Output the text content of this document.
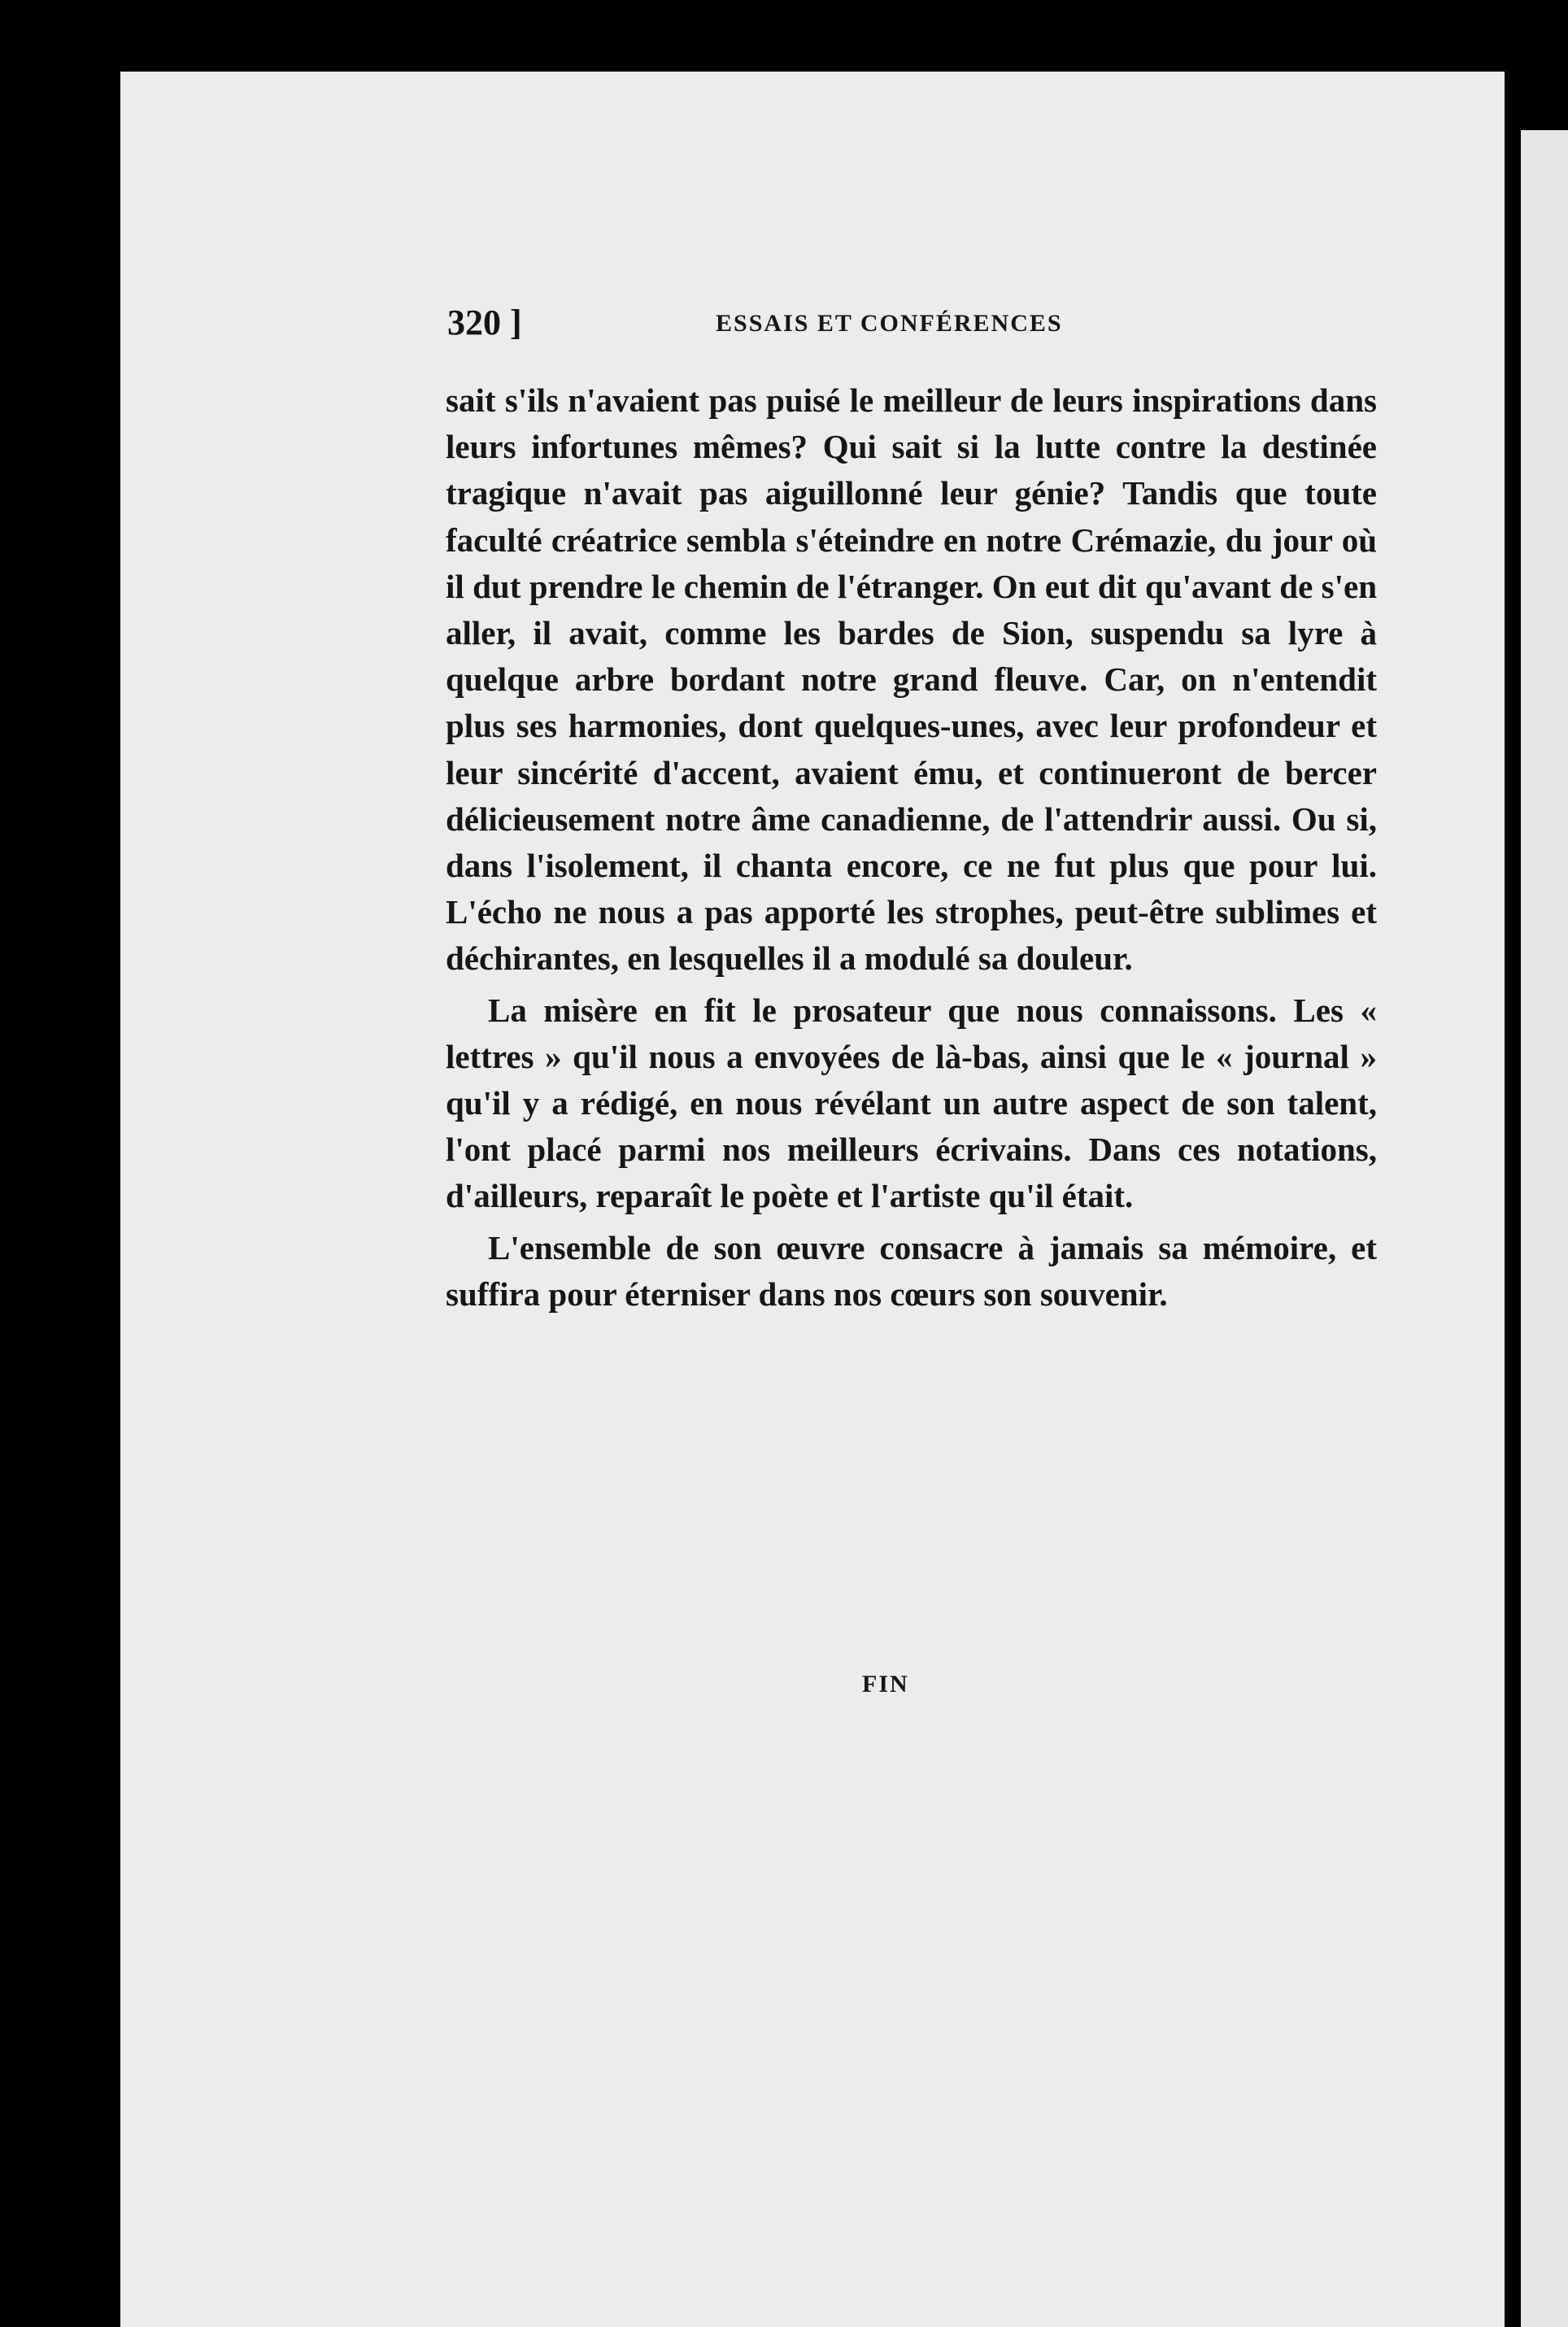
320 ]	ESSAIS ET CONFÉRENCES

sait s'ils n'avaient pas puisé le meilleur de leurs inspirations dans leurs infortunes mêmes? Qui sait si la lutte contre la destinée tragique n'avait pas aiguillonné leur génie? Tandis que toute faculté créatrice sembla s'éteindre en notre Crémazie, du jour où il dut prendre le chemin de l'étranger. On eut dit qu'avant de s'en aller, il avait, comme les bardes de Sion, suspendu sa lyre à quelque arbre bordant notre grand fleuve. Car, on n'entendit plus ses harmonies, dont quelques-unes, avec leur profondeur et leur sincérité d'accent, avaient ému, et continueront de bercer délicieusement notre âme canadienne, de l'attendrir aussi. Ou si, dans l'isolement, il chanta encore, ce ne fut plus que pour lui. L'écho ne nous a pas apporté les strophes, peut-être sublimes et déchirantes, en lesquelles il a modulé sa douleur.

La misère en fit le prosateur que nous connaissons. Les « lettres » qu'il nous a envoyées de là-bas, ainsi que le « journal » qu'il y a rédigé, en nous révélant un autre aspect de son talent, l'ont placé parmi nos meilleurs écrivains. Dans ces notations, d'ailleurs, reparaît le poète et l'artiste qu'il était.

L'ensemble de son œuvre consacre à jamais sa mémoire, et suffira pour éterniser dans nos cœurs son souvenir.

FIN
